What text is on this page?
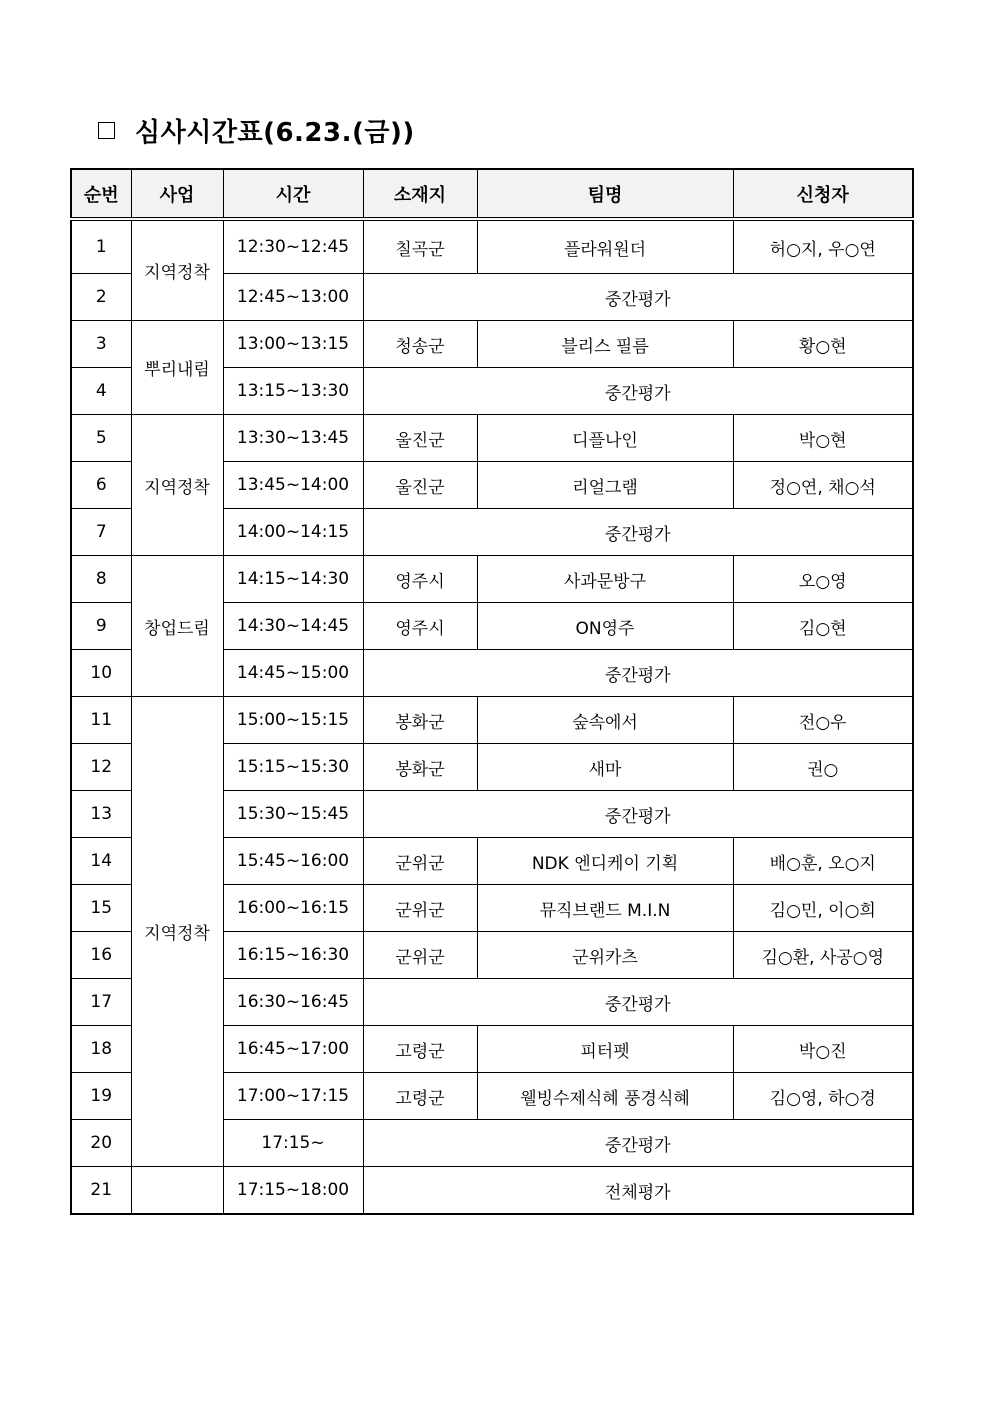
심사시간표(6.23.(금))
순번	사업	시간	소재지	팀명	신청자
1	지역정착	12:30~12:45	칠곡군	플라워원더	허○지, 우○연
2		12:45~13:00	중간평가		
3	뿌리내림	13:00~13:15	청송군	블리스 필름	황○현
4		13:15~13:30	중간평가		
5	지역정착	13:30~13:45	울진군	디플나인	박○현
6		13:45~14:00	울진군	리얼그램	정○연, 채○석
7		14:00~14:15	중간평가		
8	창업드림	14:15~14:30	영주시	사과문방구	오○영
9		14:30~14:45	영주시	ON영주	김○현
10		14:45~15:00	중간평가		
11	지역정착	15:00~15:15	봉화군	숲속에서	전○우
12		15:15~15:30	봉화군	새마	권○
13		15:30~15:45	중간평가		
14		15:45~16:00	군위군	NDK 엔디케이 기획	배○훈, 오○지
15		16:00~16:15	군위군	뮤직브랜드 M.I.N	김○민, 이○희
16		16:15~16:30	군위군	군위카츠	김○환, 사공○영
17		16:30~16:45	중간평가		
18		16:45~17:00	고령군	피터펫	박○진
19		17:00~17:15	고령군	웰빙수제식혜 풍경식혜	김○영, 하○경
20		17:15~	중간평가		
21		17:15~18:00	전체평가		
